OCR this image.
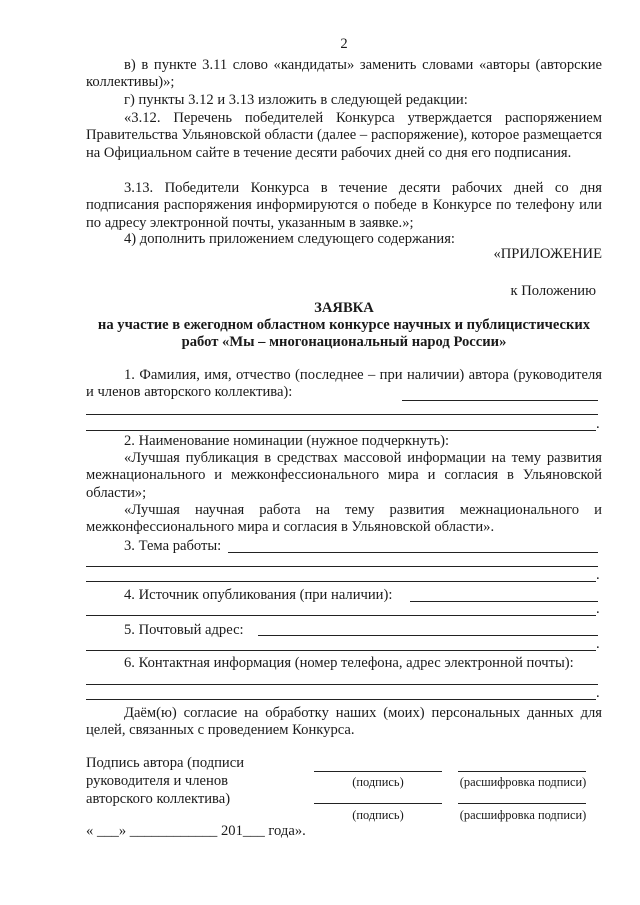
2
в) в пункте 3.11 слово «кандидаты» заменить словами «авторы (авторские коллективы)»;
г) пункты 3.12 и 3.13 изложить в следующей редакции:
«3.12. Перечень победителей Конкурса утверждается распоряжением Правительства Ульяновской области (далее – распоряжение), которое размещается на Официальном сайте в течение десяти рабочих дней со дня его подписания.
3.13. Победители Конкурса в течение десяти рабочих дней со дня подписания распоряжения информируются о победе в Конкурсе по телефону или по адресу электронной почты, указанным в заявке.»;
4) дополнить приложением следующего содержания:
«ПРИЛОЖЕНИЕ
к Положению
ЗАЯВКА
на участие в ежегодном областном конкурсе научных и публицистических
работ «Мы – многонациональный народ России»
1. Фамилия, имя, отчество (последнее – при наличии) автора (руководителя и членов авторского коллектива):
.
2. Наименование номинации (нужное подчеркнуть):
«Лучшая публикация в средствах массовой информации на тему развития межнационального и межконфессионального мира и согласия в Ульяновской области»;
«Лучшая научная работа на тему развития межнационального и межконфессионального мира и согласия в Ульяновской области».
3. Тема работы:
.
4. Источник опубликования (при наличии):
.
5. Почтовый адрес:
.
6. Контактная информация (номер телефона, адрес электронной почты):
.
Даём(ю) согласие на обработку наших (моих) персональных данных для целей, связанных с проведением Конкурса.
Подпись автора (подписи руководителя и членов авторского коллектива)
(подпись)	(расшифровка подписи)
(подпись)	(расшифровка подписи)
« ___» ____________ 201___ года».
